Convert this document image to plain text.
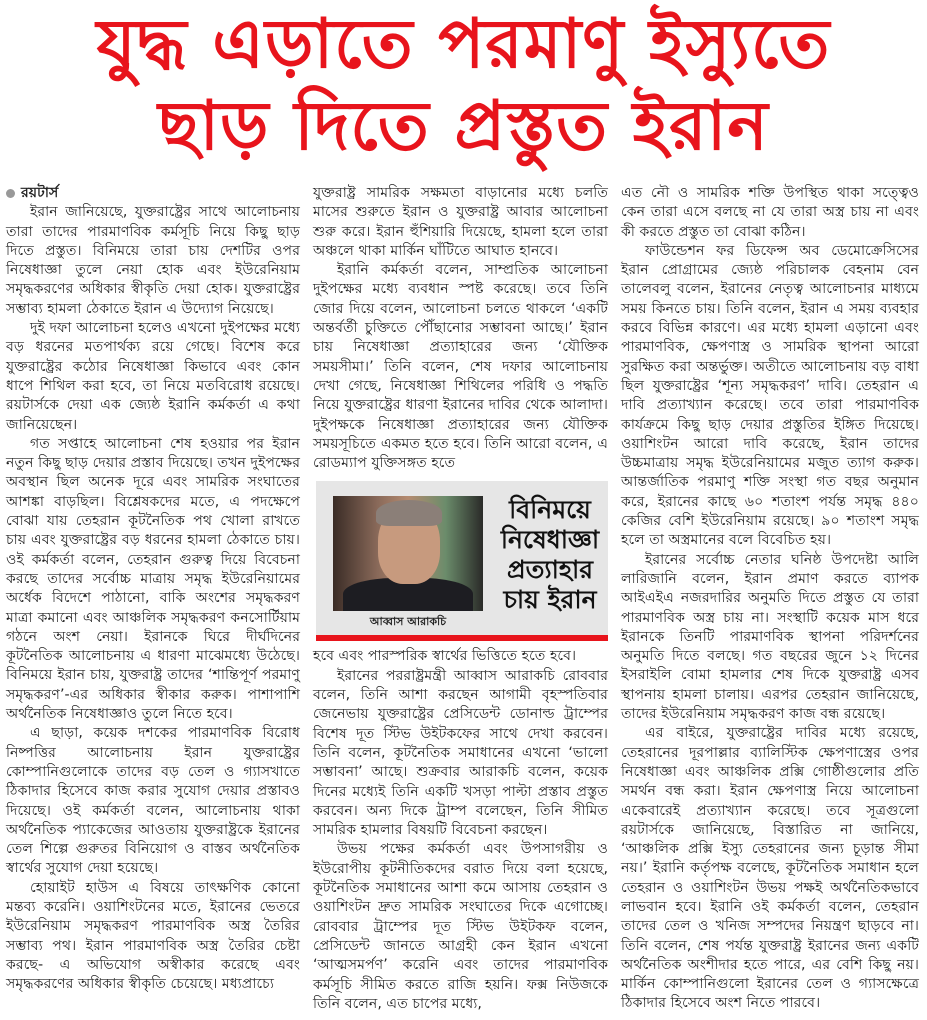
যুদ্ধ এড়াতে পরমাণু ইস্যুতে
ছাড় দিতে প্রস্তুত ইরান
রয়টার্স

ইরান জানিয়েছে, যুক্তরাষ্ট্রের সাথে আলোচনায় তারা তাদের পারমাণবিক কর্মসূচি নিয়ে কিছু ছাড় দিতে প্রস্তুত। বিনিময়ে তারা চায় দেশটির ওপর নিষেধাজ্ঞা তুলে নেয়া হোক এবং ইউরেনিয়াম সমৃদ্ধকরণের অধিকার স্বীকৃতি দেয়া হোক। যুক্তরাষ্ট্রের সম্ভাব্য হামলা ঠেকাতে ইরান এ উদ্যোগ নিয়েছে।

দুই দফা আলোচনা হলেও এখনো দুইপক্ষের মধ্যে বড় ধরনের মতপার্থক্য রয়ে গেছে। বিশেষ করে যুক্তরাষ্ট্রের কঠোর নিষেধাজ্ঞা কিভাবে এবং কোন ধাপে শিথিল করা হবে, তা নিয়ে মতবিরোধ রয়েছে। রয়টার্সকে দেয়া এক জ্যেষ্ঠ ইরানি কর্মকর্তা এ কথা জানিয়েছেন।

গত সপ্তাহে আলোচনা শেষ হওয়ার পর ইরান নতুন কিছু ছাড় দেয়ার প্রস্তাব দিয়েছে। তখন দুইপক্ষের অবস্থান ছিল অনেক দূরে এবং সামরিক সংঘাতের আশঙ্কা বাড়ছিল। বিশ্লেষকদের মতে, এ পদক্ষেপে বোঝা যায় তেহরান কূটনৈতিক পথ খোলা রাখতে চায় এবং যুক্তরাষ্ট্রের বড় ধরনের হামলা ঠেকাতে চায়। ওই কর্মকর্তা বলেন, তেহরান গুরুত্ব দিয়ে বিবেচনা করছে তাদের সর্বোচ্চ মাত্রায় সমৃদ্ধ ইউরেনিয়ামের অর্ধেক বিদেশে পাঠানো, বাকি অংশের সমৃদ্ধকরণ মাত্রা কমানো এবং আঞ্চলিক সমৃদ্ধকরণ কনসোর্টিয়াম গঠনে অংশ নেয়া। ইরানকে ঘিরে দীর্ঘদিনের কূটনৈতিক আলোচনায় এ ধারণা মাঝেমধ্যে উঠেছে। বিনিময়ে ইরান চায়, যুক্তরাষ্ট্র তাদের ‘শান্তিপূর্ণ পরমাণু সমৃদ্ধকরণ’-এর অধিকার স্বীকার করুক। পাশাপাশি অর্থনৈতিক নিষেধাজ্ঞাও তুলে নিতে হবে।

এ ছাড়া, কয়েক দশকের পারমাণবিক বিরোধ নিষ্পত্তির আলোচনায় ইরান যুক্তরাষ্ট্রের কোম্পানিগুলোকে তাদের বড় তেল ও গ্যাসখাতে ঠিকাদার হিসেবে কাজ করার সুযোগ দেয়ার প্রস্তাবও দিয়েছে। ওই কর্মকর্তা বলেন, আলোচনায় থাকা অর্থনৈতিক প্যাকেজের আওতায় যুক্তরাষ্ট্রকে ইরানের তেল শিল্পে গুরুতর বিনিয়োগ ও বাস্তব অর্থনৈতিক স্বার্থের সুযোগ দেয়া হয়েছে।

হোয়াইট হাউস এ বিষয়ে তাৎক্ষণিক কোনো মন্তব্য করেনি। ওয়াশিংটনের মতে, ইরানের ভেতরে ইউরেনিয়াম সমৃদ্ধকরণ পারমাণবিক অস্ত্র তৈরির সম্ভাব্য পথ। ইরান পারমাণবিক অস্ত্র তৈরির চেষ্টা করছে- এ অভিযোগ অস্বীকার করেছে এবং সমৃদ্ধকরণের অধিকার স্বীকৃতি চেয়েছে। মধ্যপ্রাচ্যে

যুক্তরাষ্ট্র সামরিক সক্ষমতা বাড়ানোর মধ্যে চলতি মাসের শুরুতে ইরান ও যুক্তরাষ্ট্র আবার আলোচনা শুরু করে। ইরান হুঁশিয়ারি দিয়েছে, হামলা হলে তারা অঞ্চলে থাকা মার্কিন ঘাঁটিতে আঘাত হানবে।

ইরানি কর্মকর্তা বলেন, সাম্প্রতিক আলোচনা দুইপক্ষের মধ্যে ব্যবধান স্পষ্ট করেছে। তবে তিনি জোর দিয়ে বলেন, আলোচনা চলতে থাকলে ‘একটি অন্তর্বর্তী চুক্তিতে পৌঁছানোর সম্ভাবনা আছে।’ ইরান চায় নিষেধাজ্ঞা প্রত্যাহারের জন্য ‘যৌক্তিক সময়সীমা।’ তিনি বলেন, শেষ দফার আলোচনায় দেখা গেছে, নিষেধাজ্ঞা শিথিলের পরিধি ও পদ্ধতি নিয়ে যুক্তরাষ্ট্রের ধারণা ইরানের দাবির থেকে আলাদা। দুইপক্ষকে নিষেধাজ্ঞা প্রত্যাহারের জন্য যৌক্তিক সময়সূচিতে একমত হতে হবে। তিনি আরো বলেন, এ রোডম্যাপ যুক্তিসঙ্গত হতে

আব্বাস আরাকচি
বিনিময়ে নিষেধাজ্ঞা প্রত্যাহার চায় ইরান

হবে এবং পারস্পরিক স্বার্থের ভিত্তিতে হতে হবে।

ইরানের পররাষ্ট্রমন্ত্রী আব্বাস আরাকচি রোববার বলেন, তিনি আশা করছেন আগামী বৃহস্পতিবার জেনেভায় যুক্তরাষ্ট্রের প্রেসিডেন্ট ডোনাল্ড ট্রাম্পের বিশেষ দূত স্টিভ উইটকফের সাথে দেখা করবেন। তিনি বলেন, কূটনৈতিক সমাধানের এখনো ‘ভালো সম্ভাবনা’ আছে। শুক্রবার আরাকচি বলেন, কয়েক দিনের মধ্যেই তিনি একটি খসড়া পাল্টা প্রস্তাব প্রস্তুত করবেন। অন্য দিকে ট্রাম্প বলেছেন, তিনি সীমিত সামরিক হামলার বিষয়টি বিবেচনা করছেন।

উভয় পক্ষের কর্মকর্তা এবং উপসাগরীয় ও ইউরোপীয় কূটনীতিকদের বরাত দিয়ে বলা হয়েছে, কূটনৈতিক সমাধানের আশা কমে আসায় তেহরান ও ওয়াশিংটন দ্রুত সামরিক সংঘাতের দিকে এগোচ্ছে। রোববার ট্রাম্পের দূত স্টিভ উইটকফ বলেন, প্রেসিডেন্ট জানতে আগ্রহী কেন ইরান এখনো ‘আত্মসমর্পণ’ করেনি এবং তাদের পারমাণবিক কর্মসূচি সীমিত করতে রাজি হয়নি। ফক্স নিউজকে তিনি বলেন, এত চাপের মধ্যে,

এত নৌ ও সামরিক শক্তি উপস্থিত থাকা সত্ত্বেও কেন তারা এসে বলছে না যে তারা অস্ত্র চায় না এবং কী করতে প্রস্তুত তা বোঝা কঠিন।

ফাউন্ডেশন ফর ডিফেন্স অব ডেমোক্রেসিসের ইরান প্রোগ্রামের জ্যেষ্ঠ পরিচালক বেহনাম বেন তালেবলু বলেন, ইরানের নেতৃত্ব আলোচনার মাধ্যমে সময় কিনতে চায়। তিনি বলেন, ইরান এ সময় ব্যবহার করবে বিভিন্ন কারণে। এর মধ্যে হামলা এড়ানো এবং পারমাণবিক, ক্ষেপণাস্ত্র ও সামরিক স্থাপনা আরো সুরক্ষিত করা অন্তর্ভুক্ত। অতীতে আলোচনায় বড় বাধা ছিল যুক্তরাষ্ট্রের ‘শূন্য সমৃদ্ধকরণ’ দাবি। তেহরান এ দাবি প্রত্যাখ্যান করেছে। তবে তারা পারমাণবিক কার্যক্রমে কিছু ছাড় দেয়ার প্রস্তুতির ইঙ্গিত দিয়েছে। ওয়াশিংটন আরো দাবি করেছে, ইরান তাদের উচ্চমাত্রায় সমৃদ্ধ ইউরেনিয়ামের মজুত ত্যাগ করুক। আন্তর্জাতিক পরমাণু শক্তি সংস্থা গত বছর অনুমান করে, ইরানের কাছে ৬০ শতাংশ পর্যন্ত সমৃদ্ধ ৪৪০ কেজির বেশি ইউরেনিয়াম রয়েছে। ৯০ শতাংশ সমৃদ্ধ হলে তা অস্ত্রমানের বলে বিবেচিত হয়।

ইরানের সর্বোচ্চ নেতার ঘনিষ্ঠ উপদেষ্টা আলি লারিজানি বলেন, ইরান প্রমাণ করতে ব্যাপক আইএইএ নজরদারির অনুমতি দিতে প্রস্তুত যে তারা পারমাণবিক অস্ত্র চায় না। সংস্থাটি কয়েক মাস ধরে ইরানকে তিনটি পারমাণবিক স্থাপনা পরিদর্শনের অনুমতি দিতে বলছে। গত বছরের জুনে ১২ দিনের ইসরাইলি বোমা হামলার শেষ দিকে যুক্তরাষ্ট্র এসব স্থাপনায় হামলা চালায়। এরপর তেহরান জানিয়েছে, তাদের ইউরেনিয়াম সমৃদ্ধকরণ কাজ বন্ধ রয়েছে।

এর বাইরে, যুক্তরাষ্ট্রের দাবির মধ্যে রয়েছে, তেহরানের দূরপাল্লার ব্যালিস্টিক ক্ষেপণাস্ত্রের ওপর নিষেধাজ্ঞা এবং আঞ্চলিক প্রক্সি গোষ্ঠীগুলোর প্রতি সমর্থন বন্ধ করা। ইরান ক্ষেপণাস্ত্র নিয়ে আলোচনা একেবারেই প্রত্যাখ্যান করেছে। তবে সূত্রগুলো রয়টার্সকে জানিয়েছে, বিস্তারিত না জানিয়ে, ‘আঞ্চলিক প্রক্সি ইস্যু তেহরানের জন্য চূড়ান্ত সীমা নয়।’ ইরানি কর্তৃপক্ষ বলেছে, কূটনৈতিক সমাধান হলে তেহরান ও ওয়াশিংটন উভয় পক্ষই অর্থনৈতিকভাবে লাভবান হবে। ইরানি ওই কর্মকর্তা বলেন, তেহরান তাদের তেল ও খনিজ সম্পদের নিয়ন্ত্রণ ছাড়বে না। তিনি বলেন, শেষ পর্যন্ত যুক্তরাষ্ট্র ইরানের জন্য একটি অর্থনৈতিক অংশীদার হতে পারে, এর বেশি কিছু নয়। মার্কিন কোম্পানিগুলো ইরানের তেল ও গ্যাসক্ষেত্রে ঠিকাদার হিসেবে অংশ নিতে পারবে।
